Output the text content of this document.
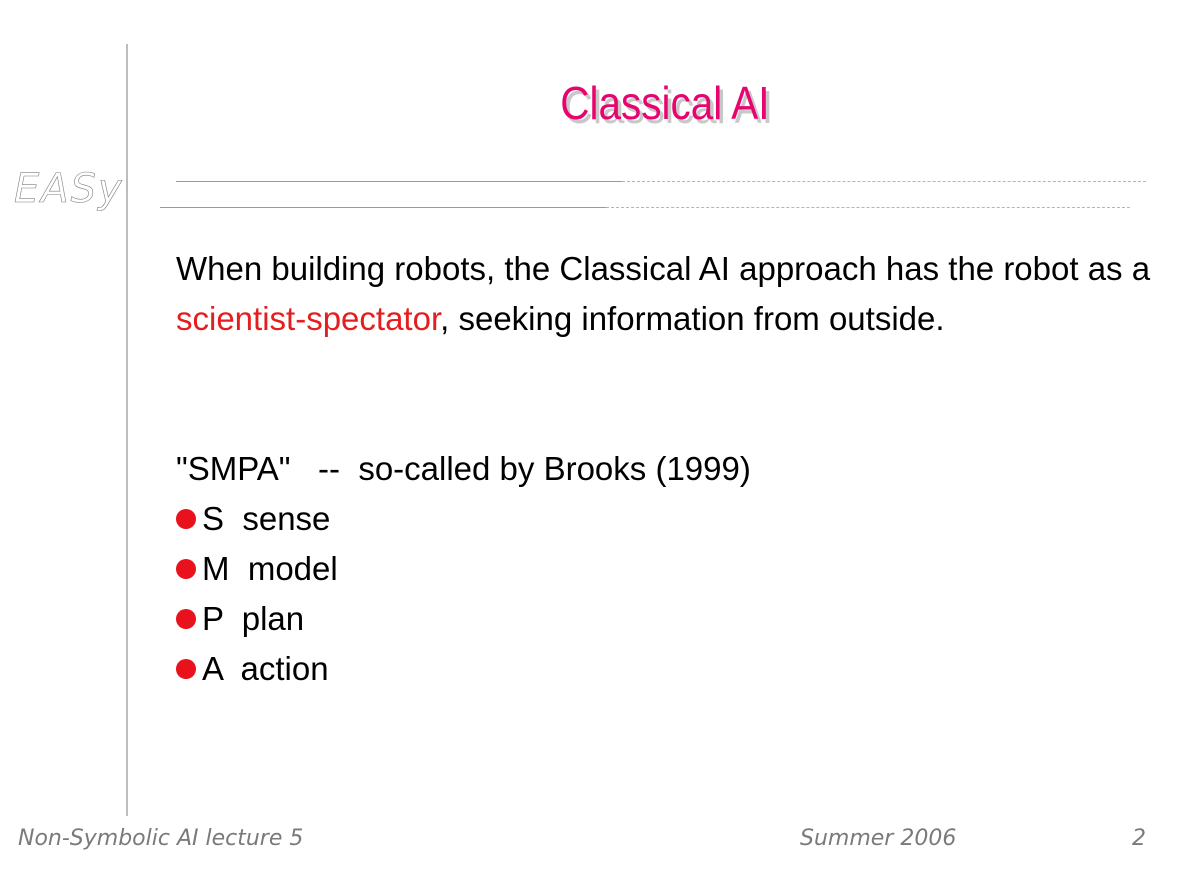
EASy
Classical AI

When building robots, the Classical AI approach has the robot as a scientist-spectator, seeking information from outside.

"SMPA"   --  so-called by Brooks (1999)
S  sense
M  model
P  plan
A  action
Non-Symbolic AI lecture 5	Summer 2006	2
